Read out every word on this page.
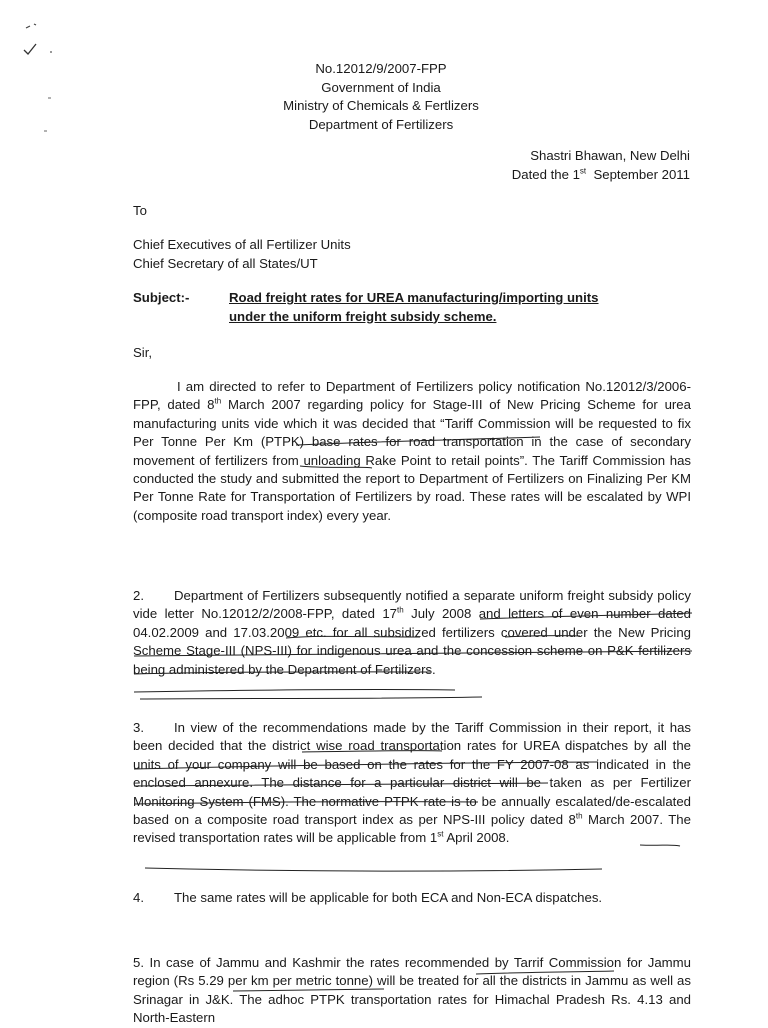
No.12012/9/2007-FPP
Government of India
Ministry of Chemicals & Fertlizers
Department of Fertilizers
Shastri Bhawan, New Delhi
Dated the 1st September 2011
To
Chief Executives of all Fertilizer Units
Chief Secretary of all States/UT
Subject:-	Road freight rates for UREA manufacturing/importing units
under the uniform freight subsidy scheme.
Sir,
I am directed to refer to Department of Fertilizers policy notification No.12012/3/2006-FPP, dated 8th March 2007 regarding policy for Stage-III of New Pricing Scheme for urea manufacturing units vide which it was decided that “Tariff Commission will be requested to fix Per Tonne Per Km (PTPK) base rates for road transportation in the case of secondary movement of fertilizers from unloading Rake Point to retail points”. The Tariff Commission has conducted the study and submitted the report to Department of Fertilizers on Finalizing Per KM Per Tonne Rate for Transportation of Fertilizers by road. These rates will be escalated by WPI (composite road transport index) every year.
2. Department of Fertilizers subsequently notified a separate uniform freight subsidy policy vide letter No.12012/2/2008-FPP, dated 17th July 2008 and letters of even number dated 04.02.2009 and 17.03.2009 etc. for all subsidized fertilizers covered under the New Pricing Scheme Stage-III (NPS-III) for indigenous urea and the concession scheme on P&K fertilizers being administered by the Department of Fertilizers.
3. In view of the recommendations made by the Tariff Commission in their report, it has been decided that the district wise road transportation rates for UREA dispatches by all the units of your company will be based on the rates for the FY 2007-08 as indicated in the enclosed annexure. The distance for a particular district will be taken as per Fertilizer Monitoring System (FMS). The normative PTPK rate is to be annually escalated/de-escalated based on a composite road transport index as per NPS-III policy dated 8th March 2007. The revised transportation rates will be applicable from 1st April 2008.
4. The same rates will be applicable for both ECA and Non-ECA dispatches.
5. In case of Jammu and Kashmir the rates recommended by Tarrif Commission for Jammu region (Rs 5.29 per km per metric tonne) will be treated for all the districts in Jammu as well as Srinagar in J&K. The adhoc PTPK transportation rates for Himachal Pradesh Rs. 4.13 and North-Eastern
